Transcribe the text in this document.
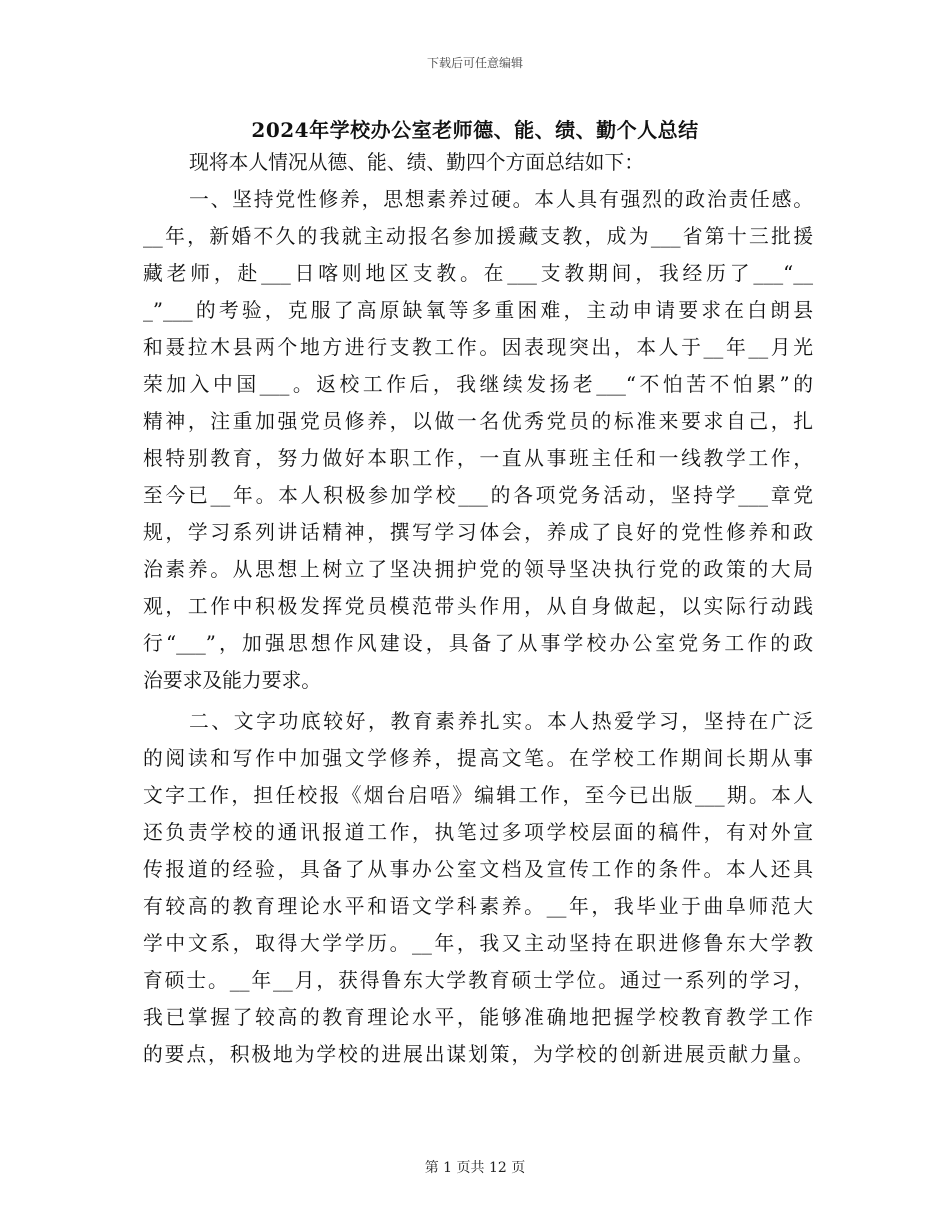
下载后可任意编辑
2024年学校办公室老师德、能、绩、勤个人总结
现将本人情况从德、能、绩、勤四个方面总结如下：
一、坚持党性修养，思想素养过硬。本人具有强烈的政治责任感。
__年，新婚不久的我就主动报名参加援藏支教，成为___省第十三批援
藏老师，赴___日喀则地区支教。在___支教期间，我经历了___“__
_”___的考验，克服了高原缺氧等多重困难，主动申请要求在白朗县
和聂拉木县两个地方进行支教工作。因表现突出，本人于__年__月光
荣加入中国___。返校工作后，我继续发扬老___“不怕苦不怕累”的
精神，注重加强党员修养，以做一名优秀党员的标准来要求自己，扎
根特别教育，努力做好本职工作，一直从事班主任和一线教学工作，
至今已__年。本人积极参加学校___的各项党务活动，坚持学___章党
规，学习系列讲话精神，撰写学习体会，养成了良好的党性修养和政
治素养。从思想上树立了坚决拥护党的领导坚决执行党的政策的大局
观，工作中积极发挥党员模范带头作用，从自身做起，以实际行动践
行“___”，加强思想作风建设，具备了从事学校办公室党务工作的政
治要求及能力要求。
二、文字功底较好，教育素养扎实。本人热爱学习，坚持在广泛
的阅读和写作中加强文学修养，提高文笔。在学校工作期间长期从事
文字工作，担任校报《烟台启唔》编辑工作，至今已出版___期。本人
还负责学校的通讯报道工作，执笔过多项学校层面的稿件，有对外宣
传报道的经验，具备了从事办公室文档及宣传工作的条件。本人还具
有较高的教育理论水平和语文学科素养。__年，我毕业于曲阜师范大
学中文系，取得大学学历。__年，我又主动坚持在职进修鲁东大学教
育硕士。__年__月，获得鲁东大学教育硕士学位。通过一系列的学习，
我已掌握了较高的教育理论水平，能够准确地把握学校教育教学工作
的要点，积极地为学校的进展出谋划策，为学校的创新进展贡献力量。
第 1 页共 12 页
